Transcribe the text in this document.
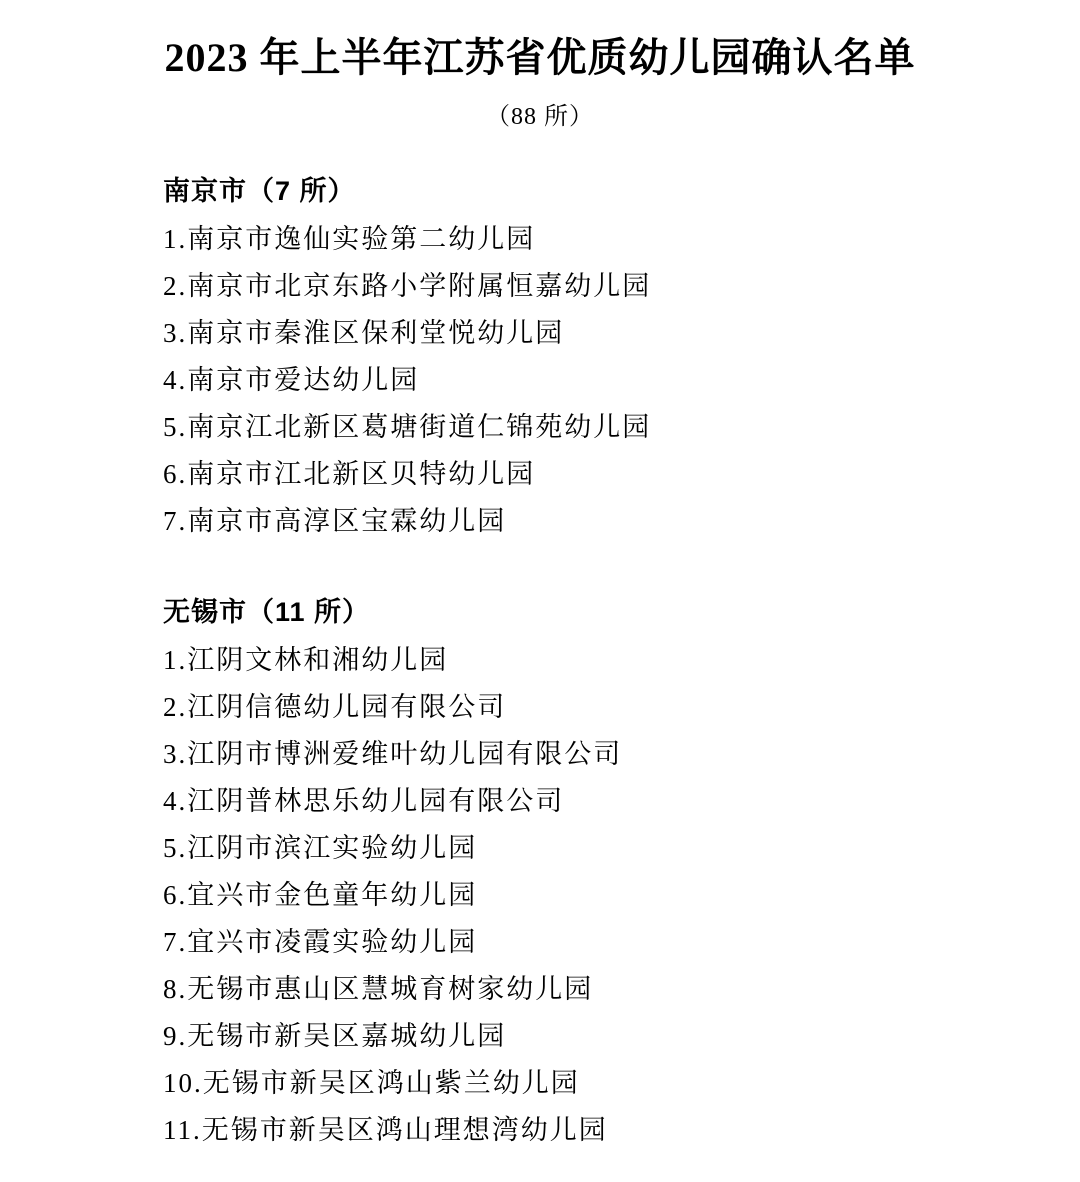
2023 年上半年江苏省优质幼儿园确认名单
（88 所）
南京市（7 所）
1.南京市逸仙实验第二幼儿园
2.南京市北京东路小学附属恒嘉幼儿园
3.南京市秦淮区保利堂悦幼儿园
4.南京市爱达幼儿园
5.南京江北新区葛塘街道仁锦苑幼儿园
6.南京市江北新区贝特幼儿园
7.南京市高淳区宝霖幼儿园
无锡市（11 所）
1.江阴文林和湘幼儿园
2.江阴信德幼儿园有限公司
3.江阴市博洲爱维叶幼儿园有限公司
4.江阴普林思乐幼儿园有限公司
5.江阴市滨江实验幼儿园
6.宜兴市金色童年幼儿园
7.宜兴市凌霞实验幼儿园
8.无锡市惠山区慧城育树家幼儿园
9.无锡市新吴区嘉城幼儿园
10.无锡市新吴区鸿山紫兰幼儿园
11.无锡市新吴区鸿山理想湾幼儿园
